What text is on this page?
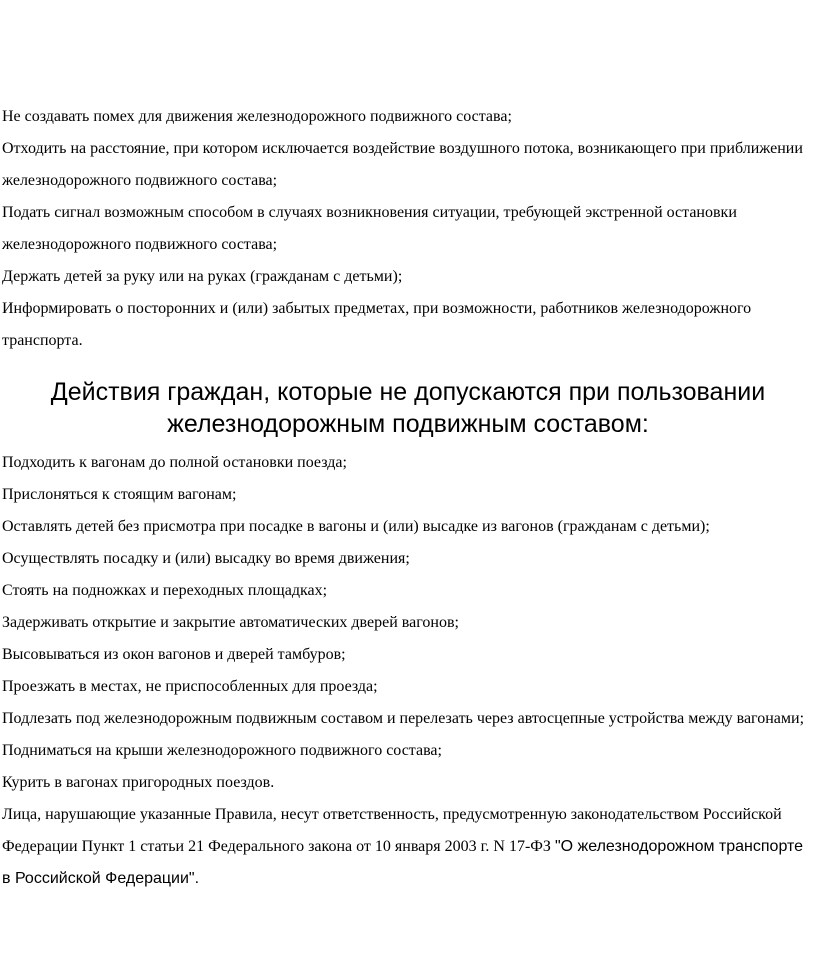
Не создавать помех для движения железнодорожного подвижного состава;

Отходить на расстояние, при котором исключается воздействие воздушного потока, возникающего при приближении железнодорожного подвижного состава;

Подать сигнал возможным способом в случаях возникновения ситуации, требующей экстренной остановки железнодорожного подвижного состава;

Держать детей за руку или на руках (гражданам с детьми);

Информировать о посторонних и (или) забытых предметах, при возможности, работников железнодорожного транспорта.

Действия граждан, которые не допускаются при пользовании железнодорожным подвижным составом:

Подходить к вагонам до полной остановки поезда;

Прислоняться к стоящим вагонам;

Оставлять детей без присмотра при посадке в вагоны и (или) высадке из вагонов (гражданам с детьми);

Осуществлять посадку и (или) высадку во время движения;

Стоять на подножках и переходных площадках;

Задерживать открытие и закрытие автоматических дверей вагонов;

Высовываться из окон вагонов и дверей тамбуров;

Проезжать в местах, не приспособленных для проезда;

Подлезать под железнодорожным подвижным составом и перелезать через автосцепные устройства между вагонами;

Подниматься на крыши железнодорожного подвижного состава;

Курить в вагонах пригородных поездов.

Лица, нарушающие указанные Правила, несут ответственность, предусмотренную законодательством Российской Федерации Пункт 1 статьи 21 Федерального закона от 10 января 2003 г. N 17-ФЗ "О железнодорожном транспорте в Российской Федерации".
